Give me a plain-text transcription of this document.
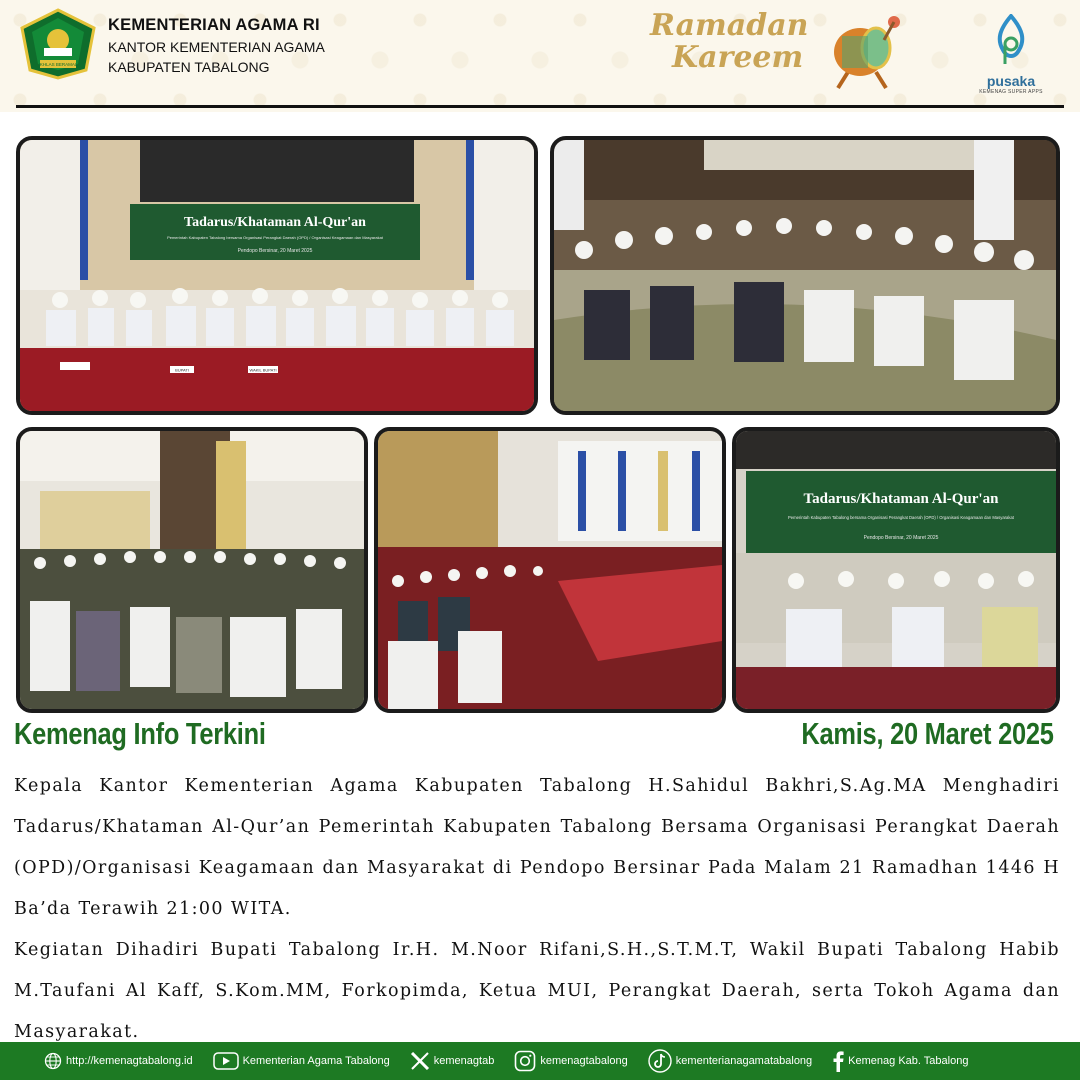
IKHLAS BERAMAL
KEMENTERIAN AGAMA RI
KANTOR KEMENTERIAN AGAMA
KABUPATEN TABALONG
Ramadan
Kareem
pusaka
KEMENAG SUPER APPS
Tadarus/Khataman Al-Qur'an
Pemerintah Kabupaten Tabalong bersama Organisasi Perangkat Daerah (OPD) / Organisasi Keagamaan dan Masyarakat
Pendopo Bersinar, 20 Maret 2025
BUPATI	WAKIL BUPATI
Tadarus/Khataman Al-Qur'an
Pemerintah Kabupaten Tabalong bersama Organisasi Perangkat Daerah (OPD) / Organisasi Keagamaan dan Masyarakat
Pendopo Bersinar, 20 Maret 2025
Kemenag Info Terkini	Kamis, 20 Maret 2025

Kepala Kantor Kementerian Agama Kabupaten Tabalong H.Sahidul Bakhri,S.Ag.MA Menghadiri Tadarus/Khataman Al-Qur’an Pemerintah Kabupaten Tabalong Bersama Organisasi Perangkat Daerah (OPD)/Organisasi Keagamaan dan Masyarakat di Pendopo Bersinar Pada Malam 21 Ramadhan 1446 H Ba’da Terawih 21:00 WITA.

Kegiatan Dihadiri Bupati Tabalong Ir.H. M.Noor Rifani,S.H.,S.T.M.T, Wakil Bupati Tabalong Habib M.Taufani Al Kaff, S.Kom.MM, Forkopimda, Ketua MUI, Perangkat Daerah, serta Tokoh Agama dan Masyarakat.

http://kemenagtabalong.id	Kementerian Agama Tabalong	kemenagtab	kemenagtabalong	kementerianagamatabalong	Kemenag Kab. Tabalong
